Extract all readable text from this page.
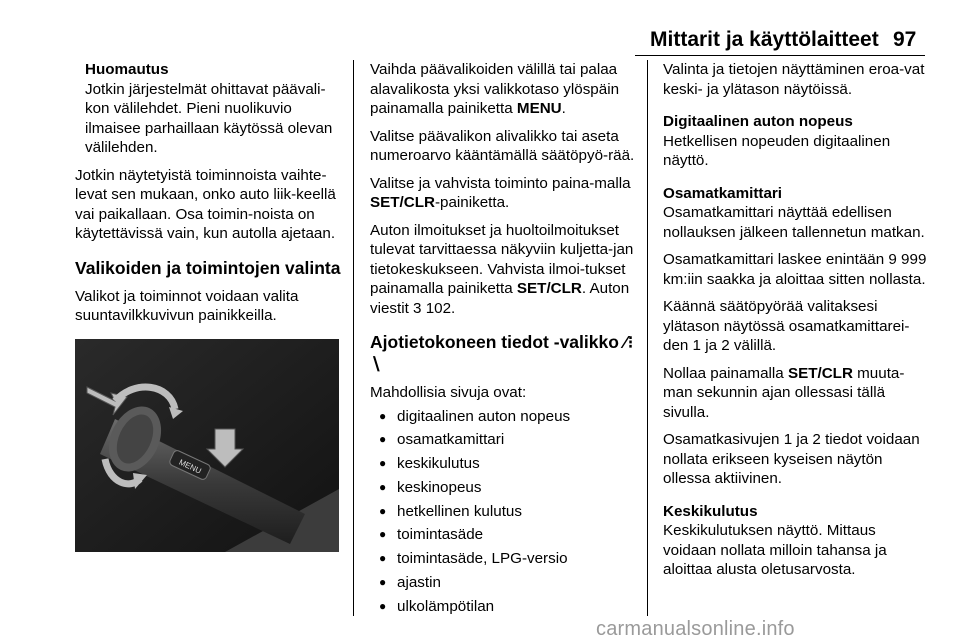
Mittarit ja käyttölaitteet 97
Huomautus

Jotkin järjestelmät ohittavat päävali-kon välilehdet. Pieni nuolikuvio ilmaisee parhaillaan käytössä olevan välilehden.

Jotkin näytetyistä toiminnoista vaihte-levat sen mukaan, onko auto liik-keellä vai paikallaan. Osa toimin-noista on käytettävissä vain, kun autolla ajetaan.

Valikoiden ja toimintojen valinta

Valikot ja toiminnot voidaan valita suuntavilkkuvivun painikkeilla.

MENU

Vaihda päävalikoiden välillä tai palaa alavalikosta yksi valikkotaso ylöspäin painamalla painiketta MENU.

Valitse päävalikon alivalikko tai aseta numeroarvo kääntämällä säätöpyö-rää.

Valitse ja vahvista toiminto paina-malla SET/CLR-painiketta.

Auton ilmoitukset ja huoltoilmoitukset tulevat tarvittaessa näkyviin kuljetta-jan tietokeskukseen. Vahvista ilmoi-tukset painamalla painiketta SET/CLR. Auton viestit 3 102.

Ajotietokoneen tiedot -valikko ⁄⁝∖

Mahdollisia sivuja ovat:

● digitaalinen auton nopeus
● osamatkamittari
● keskikulutus
● keskinopeus
● hetkellinen kulutus
● toimintasäde
● toimintasäde, LPG-versio
● ajastin
● ulkolämpötilan

Valinta ja tietojen näyttäminen eroa-vat keski- ja ylätason näytöissä.

Digitaalinen auton nopeus

Hetkellisen nopeuden digitaalinen näyttö.

Osamatkamittari

Osamatkamittari näyttää edellisen nollauksen jälkeen tallennetun matkan.

Osamatkamittari laskee enintään 9 999 km:iin saakka ja aloittaa sitten nollasta.

Käännä säätöpyörää valitaksesi ylätason näytössä osamatkamittarei-den 1 ja 2 välillä.

Nollaa painamalla SET/CLR muuta-man sekunnin ajan ollessasi tällä sivulla.

Osamatkasivujen 1 ja 2 tiedot voidaan nollata erikseen kyseisen näytön ollessa aktiivinen.

Keskikulutus

Keskikulutuksen näyttö. Mittaus voidaan nollata milloin tahansa ja aloittaa alusta oletusarvosta.

carmanualsonline.info
